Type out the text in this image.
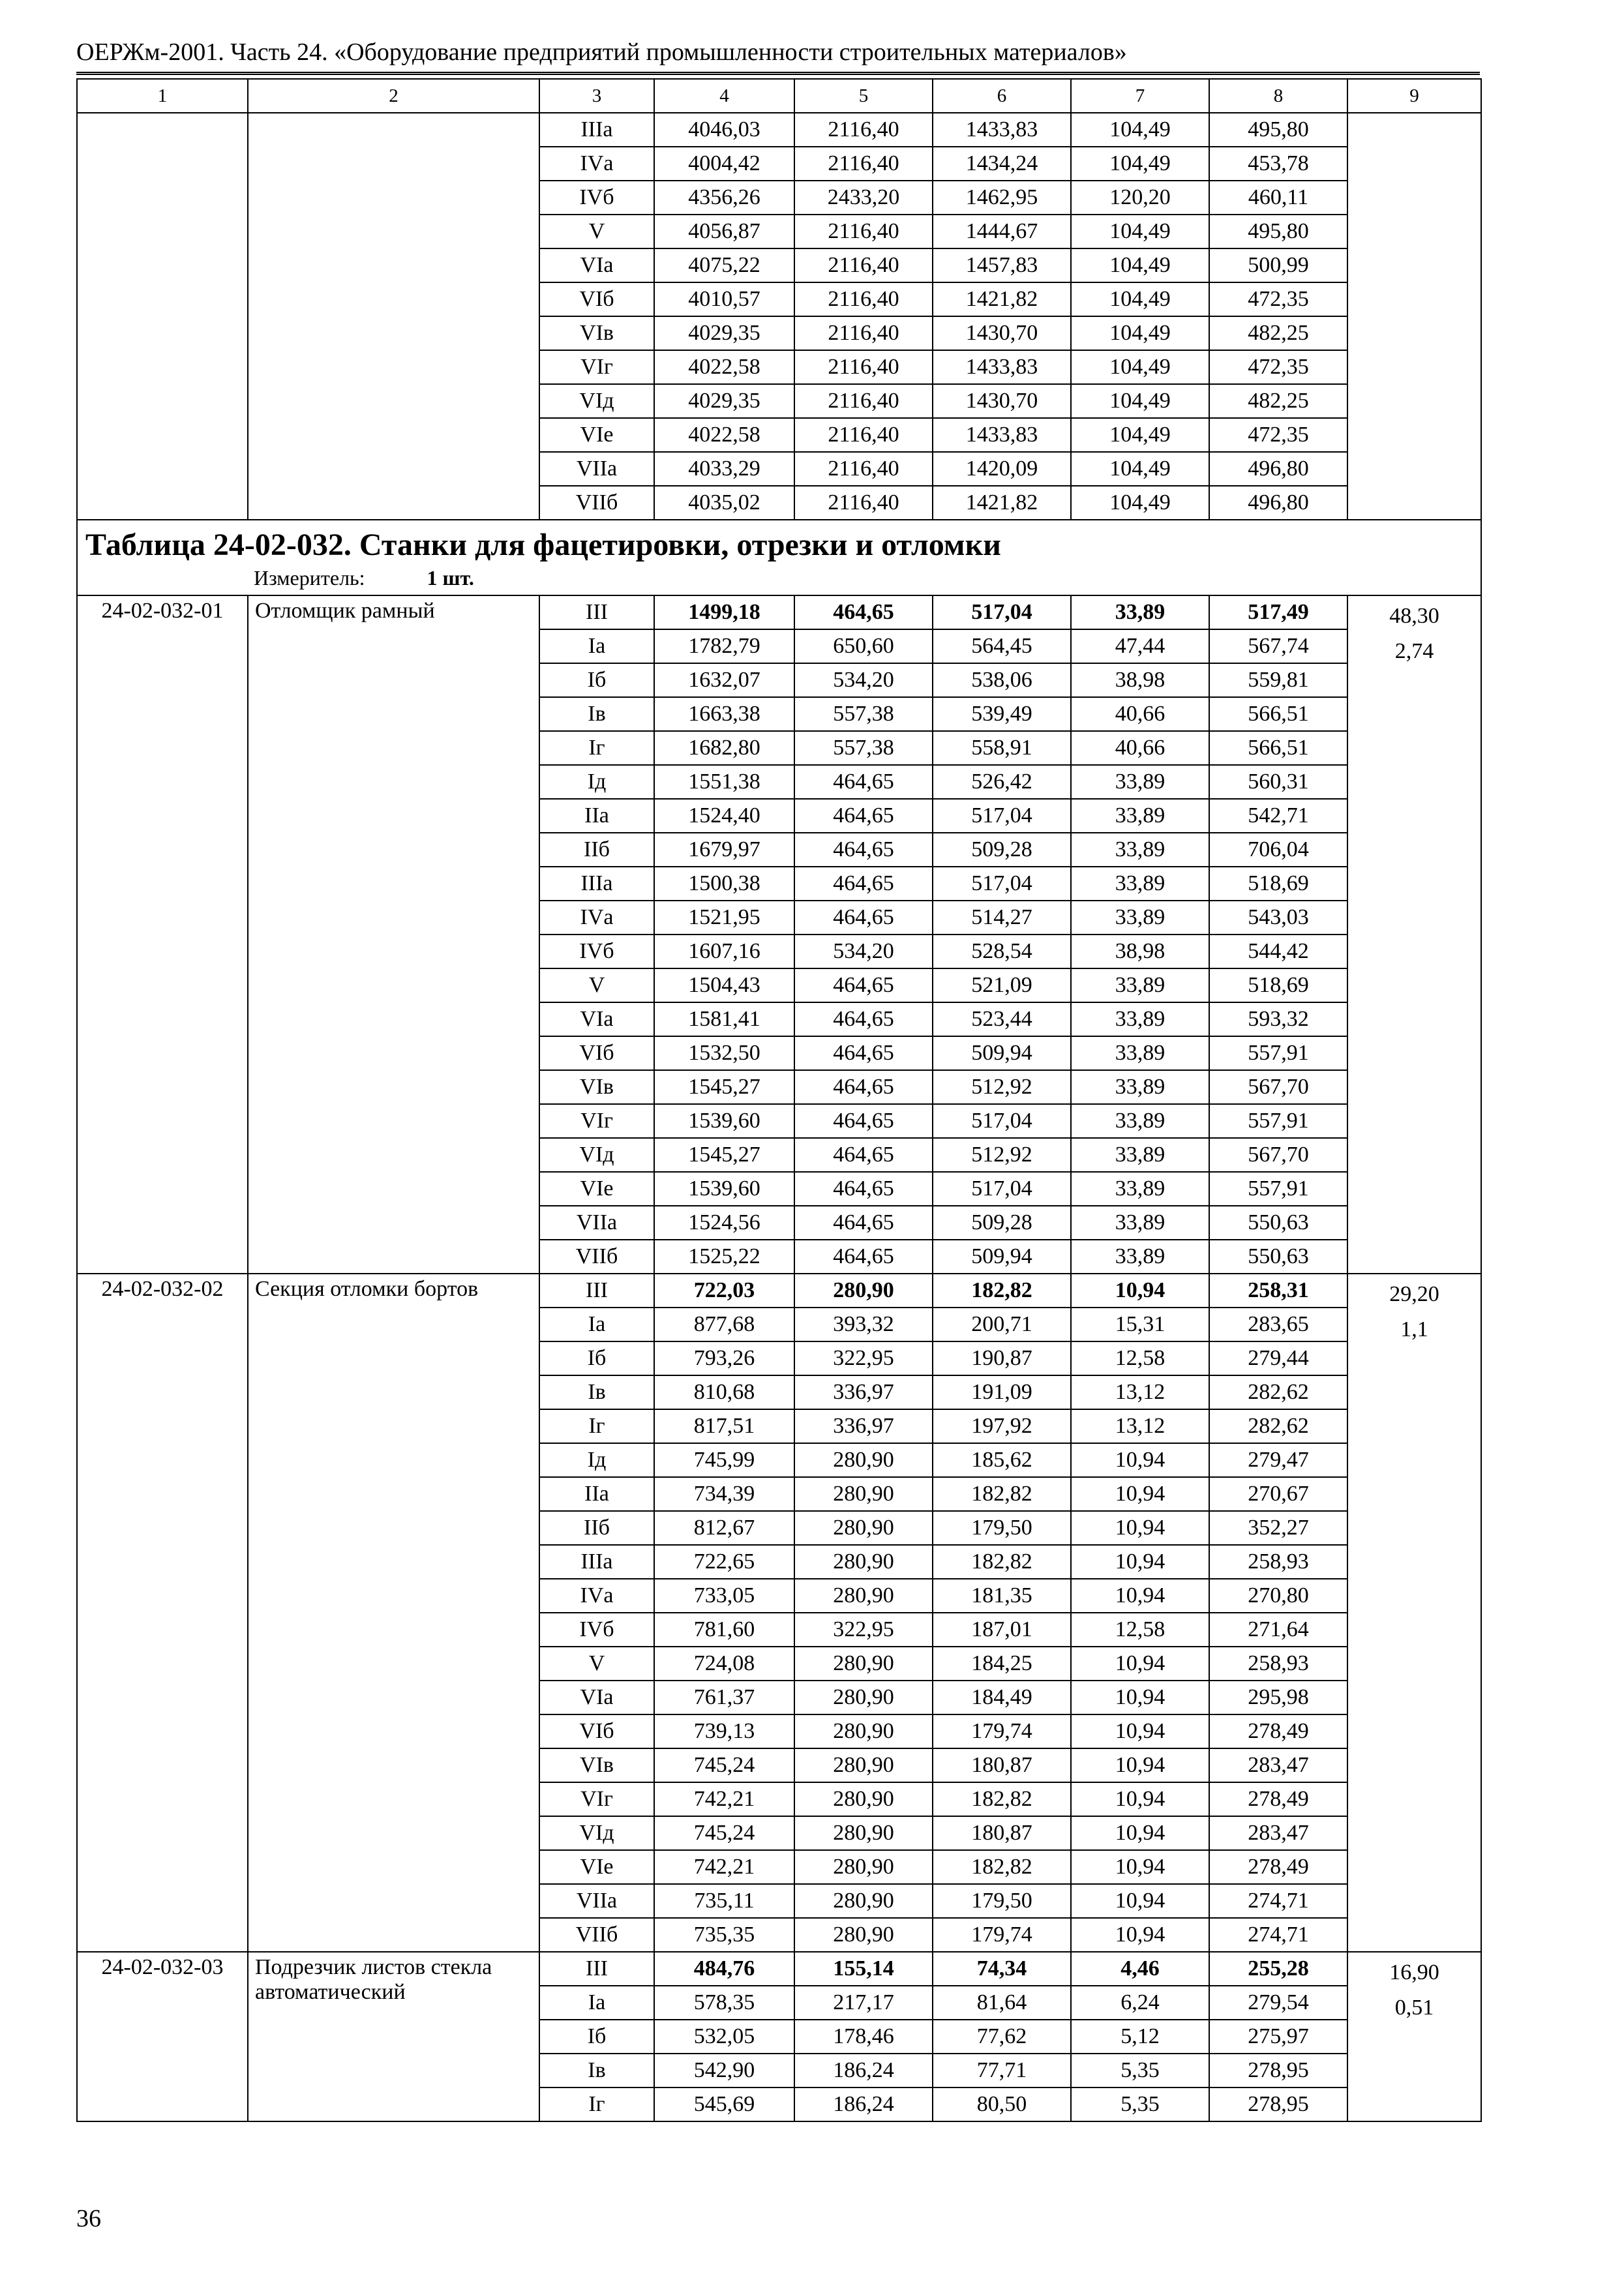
ОЕРЖм-2001. Часть 24. «Оборудование предприятий промышленности строительных материалов»
1	2	3	4	5	6	7	8	9
		IIIа	4046,03	2116,40	1433,83	104,49	495,80	
		IVа	4004,42	2116,40	1434,24	104,49	453,78	
		IVб	4356,26	2433,20	1462,95	120,20	460,11	
		V	4056,87	2116,40	1444,67	104,49	495,80	
		VIа	4075,22	2116,40	1457,83	104,49	500,99	
		VIб	4010,57	2116,40	1421,82	104,49	472,35	
		VIв	4029,35	2116,40	1430,70	104,49	482,25	
		VIг	4022,58	2116,40	1433,83	104,49	472,35	
		VIд	4029,35	2116,40	1430,70	104,49	482,25	
		VIе	4022,58	2116,40	1433,83	104,49	472,35	
		VIIа	4033,29	2116,40	1420,09	104,49	496,80	
		VIIб	4035,02	2116,40	1421,82	104,49	496,80	

Таблица 24-02-032. Станки для фацетировки, отрезки и отломки
Измеритель: 1 шт.								

24-02-032-01	Отломщик рамный	III	1499,18	464,65	517,04	33,89	517,49	48,30
2,74

		Iа	1782,79	650,60	564,45	47,44	567,74	
		Iб	1632,07	534,20	538,06	38,98	559,81	
		Iв	1663,38	557,38	539,49	40,66	566,51	
		Iг	1682,80	557,38	558,91	40,66	566,51	
		Iд	1551,38	464,65	526,42	33,89	560,31	
		IIа	1524,40	464,65	517,04	33,89	542,71	
		IIб	1679,97	464,65	509,28	33,89	706,04	
		IIIа	1500,38	464,65	517,04	33,89	518,69	
		IVа	1521,95	464,65	514,27	33,89	543,03	
		IVб	1607,16	534,20	528,54	38,98	544,42	
		V	1504,43	464,65	521,09	33,89	518,69	
		VIа	1581,41	464,65	523,44	33,89	593,32	
		VIб	1532,50	464,65	509,94	33,89	557,91	
		VIв	1545,27	464,65	512,92	33,89	567,70	
		VIг	1539,60	464,65	517,04	33,89	557,91	
		VIд	1545,27	464,65	512,92	33,89	567,70	
		VIе	1539,60	464,65	517,04	33,89	557,91	
		VIIа	1524,56	464,65	509,28	33,89	550,63	
		VIIб	1525,22	464,65	509,94	33,89	550,63	
24-02-032-02	Секция отломки бортов	III	722,03	280,90	182,82	10,94	258,31	29,20
1,1

		Iа	877,68	393,32	200,71	15,31	283,65	
		Iб	793,26	322,95	190,87	12,58	279,44	
		Iв	810,68	336,97	191,09	13,12	282,62	
		Iг	817,51	336,97	197,92	13,12	282,62	
		Iд	745,99	280,90	185,62	10,94	279,47	
		IIа	734,39	280,90	182,82	10,94	270,67	
		IIб	812,67	280,90	179,50	10,94	352,27	
		IIIа	722,65	280,90	182,82	10,94	258,93	
		IVа	733,05	280,90	181,35	10,94	270,80	
		IVб	781,60	322,95	187,01	12,58	271,64	
		V	724,08	280,90	184,25	10,94	258,93	
		VIа	761,37	280,90	184,49	10,94	295,98	
		VIб	739,13	280,90	179,74	10,94	278,49	
		VIв	745,24	280,90	180,87	10,94	283,47	
		VIг	742,21	280,90	182,82	10,94	278,49	
		VIд	745,24	280,90	180,87	10,94	283,47	
		VIе	742,21	280,90	182,82	10,94	278,49	
		VIIа	735,11	280,90	179,50	10,94	274,71	
		VIIб	735,35	280,90	179,74	10,94	274,71	
24-02-032-03	Подрезчик листов стекла автоматический	III	484,76	155,14	74,34	4,46	255,28	16,90
0,51

		Iа	578,35	217,17	81,64	6,24	279,54	
		Iб	532,05	178,46	77,62	5,12	275,97	
		Iв	542,90	186,24	77,71	5,35	278,95	
		Iг	545,69	186,24	80,50	5,35	278,95	
36
